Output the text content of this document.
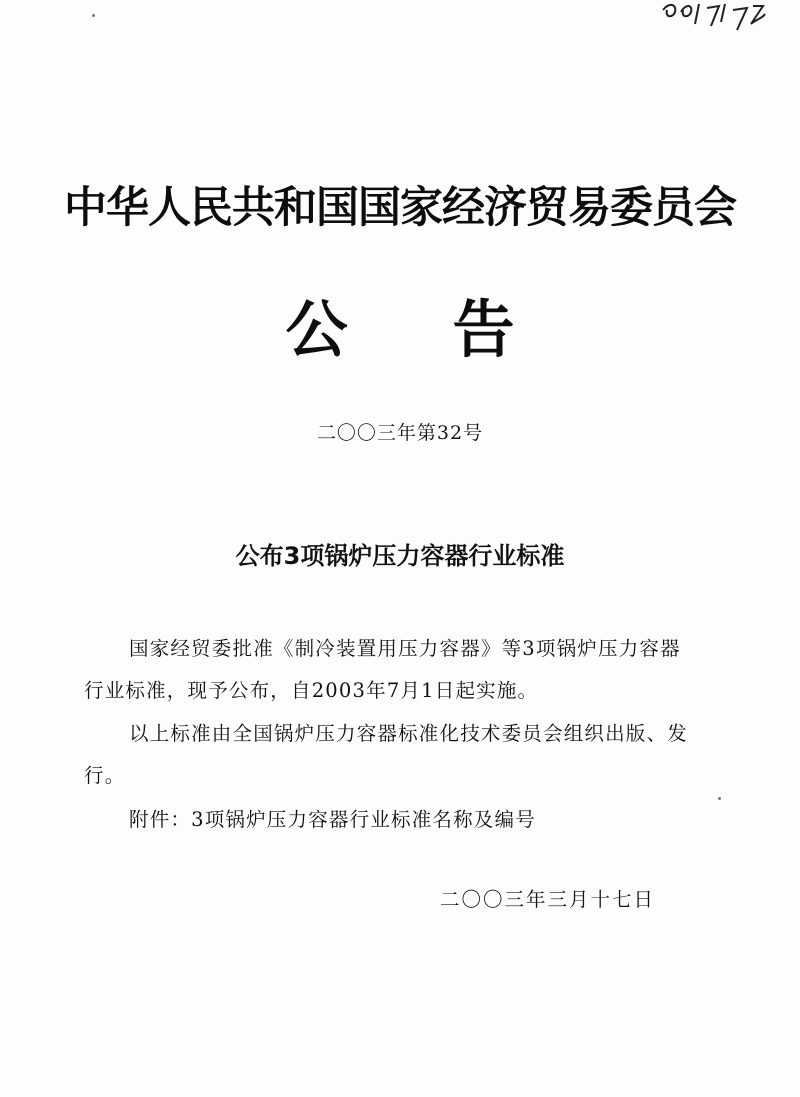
中华人民共和国国家经济贸易委员会
公 告
二〇〇三年第32号
公布3项锅炉压力容器行业标准

国家经贸委批准《制冷装置用压力容器》等3项锅炉压力容器行业标准，现予公布，自2003年7月1日起实施。

以上标准由全国锅炉压力容器标准化技术委员会组织出版、发行。

附件：3项锅炉压力容器行业标准名称及编号

二〇〇三年三月十七日
